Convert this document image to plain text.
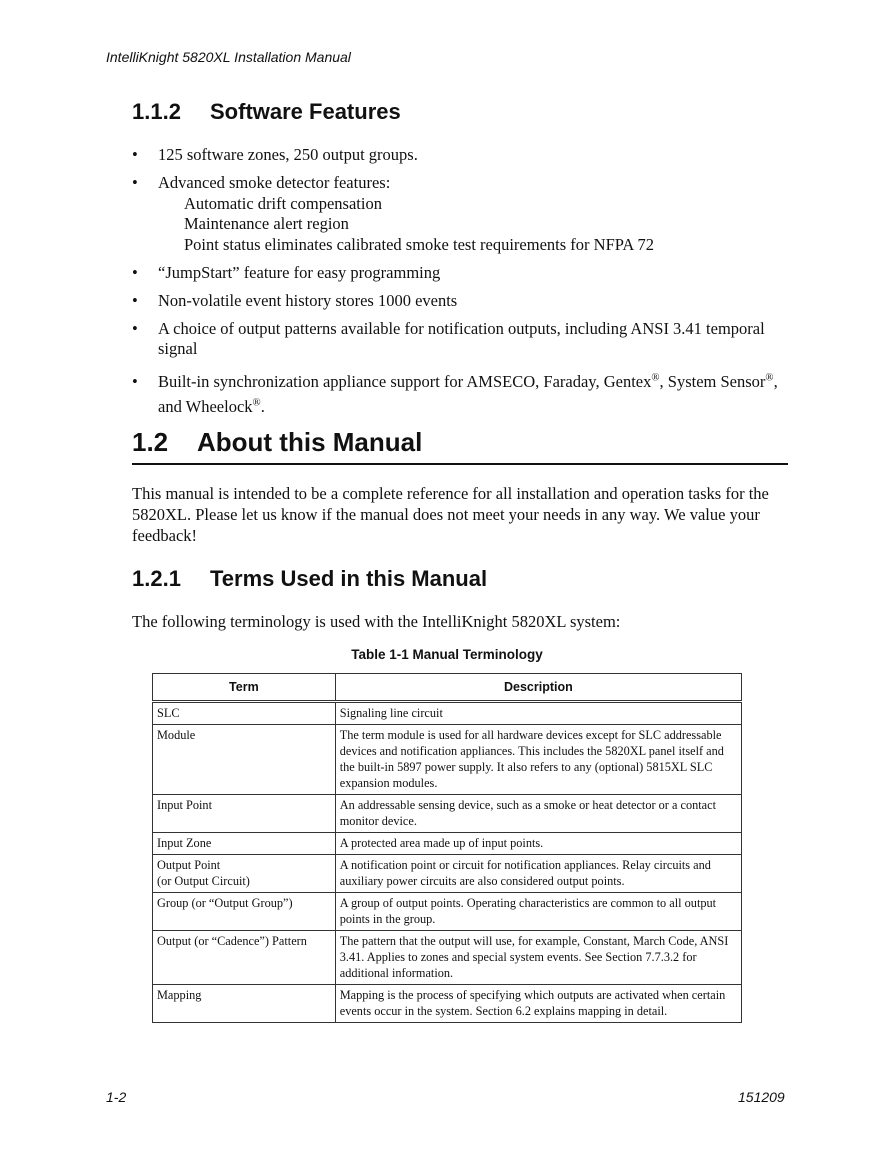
IntelliKnight 5820XL Installation Manual
1.1.2 Software Features
• 125 software zones, 250 output groups.
• Advanced smoke detector features:
Automatic drift compensation
Maintenance alert region
Point status eliminates calibrated smoke test requirements for NFPA 72
• “JumpStart” feature for easy programming
• Non-volatile event history stores 1000 events
• A choice of output patterns available for notification outputs, including ANSI 3.41 temporal signal
• Built-in synchronization appliance support for AMSECO, Faraday, Gentex®, System Sensor®, and Wheelock®.
1.2 About this Manual

This manual is intended to be a complete reference for all installation and operation tasks for the 5820XL. Please let us know if the manual does not meet your needs in any way. We value your feedback!

1.2.1 Terms Used in this Manual

The following terminology is used with the IntelliKnight 5820XL system:

Table 1-1 Manual Terminology
Term	Description
SLC	Signaling line circuit
Module	The term module is used for all hardware devices except for SLC addressable devices and notification appliances. This includes the 5820XL panel itself and the built-in 5897 power supply. It also refers to any (optional) 5815XL SLC expansion modules.
Input Point	An addressable sensing device, such as a smoke or heat detector or a contact monitor device.
Input Zone	A protected area made up of input points.
Output Point
(or Output Circuit)	A notification point or circuit for notification appliances. Relay circuits and auxiliary power circuits are also considered output points.
Group (or “Output Group”)	A group of output points. Operating characteristics are common to all output points in the group.
Output (or “Cadence”) Pattern	The pattern that the output will use, for example, Constant, March Code, ANSI 3.41. Applies to zones and special system events. See Section 7.7.3.2 for additional information.
Mapping	Mapping is the process of specifying which outputs are activated when certain events occur in the system. Section 6.2 explains mapping in detail.
1-2	151209
